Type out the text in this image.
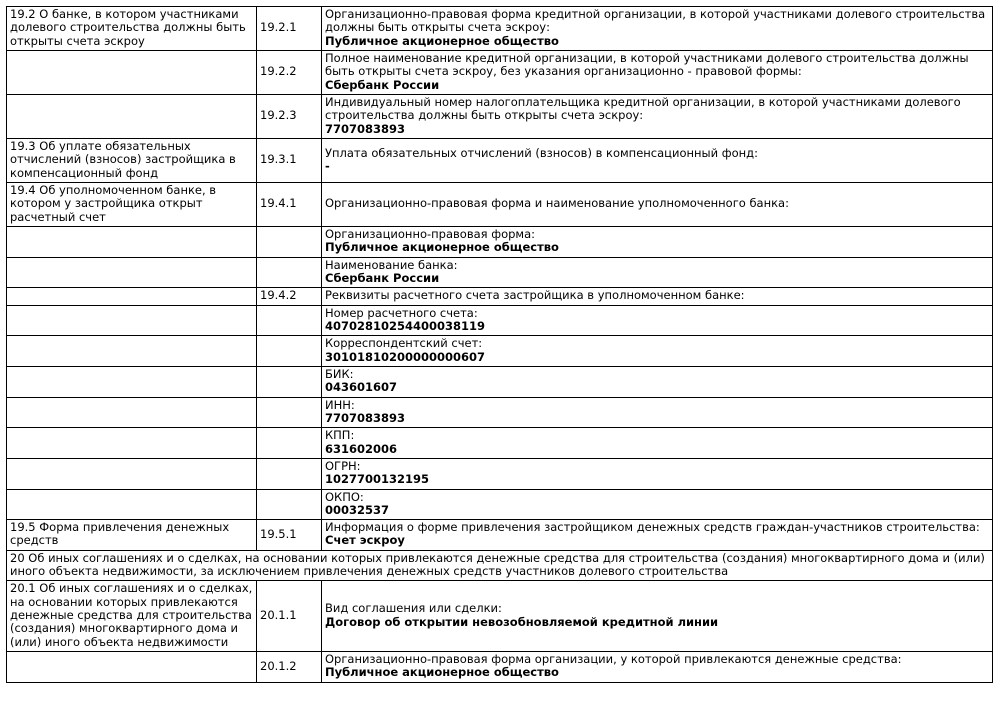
19.2 О банке, в котором участниками долевого строительства должны быть открыты счета эскроу	19.2.1	Организационно-правовая форма кредитной организации, в которой участниками долевого строительства должны быть открыты счета эскроу:
Публичное акционерное общество

	19.2.2	Полное наименование кредитной организации, в которой участниками долевого строительства должны быть открыты счета эскроу, без указания организационно - правовой формы:
Сбербанк России

	19.2.3	Индивидуальный номер налогоплательщика кредитной организации, в которой участниками долевого строительства должны быть открыты счета эскроу:
7707083893

19.3 Об уплате обязательных отчислений (взносов) застройщика в компенсационный фонд	19.3.1	Уплата обязательных отчислений (взносов) в компенсационный фонд:
-

19.4 Об уполномоченном банке, в котором у застройщика открыт расчетный счет	19.4.1	Организационно-правовая форма и наименование уполномоченного банка:

		Организационно-правовая форма:
Публичное акционерное общество

		Наименование банка:
Сбербанк России

	19.4.2	Реквизиты расчетного счета застройщика в уполномоченном банке:

		Номер расчетного счета:
40702810254400038119

		Корреспондентский счет:
30101810200000000607

		БИК:
043601607

		ИНН:
7707083893

		КПП:
631602006

		ОГРН:
1027700132195

		ОКПО:
00032537

19.5 Форма привлечения денежных средств	19.5.1	Информация о форме привлечения застройщиком денежных средств граждан-участников строительства:
Счет эскроу

20 Об иных соглашениях и о сделках, на основании которых привлекаются денежные средства для строительства (создания) многоквартирного дома и (или) иного объекта недвижимости, за исключением привлечения денежных средств участников долевого строительства		
20.1 Об иных соглашениях и о сделках, на основании которых привлекаются денежные средства для строительства (создания) многоквартирного дома и (или) иного объекта недвижимости	20.1.1	Вид соглашения или сделки:
Договор об открытии невозобновляемой кредитной линии

	20.1.2	Организационно-правовая форма организации, у которой привлекаются денежные средства:
Публичное акционерное общество
